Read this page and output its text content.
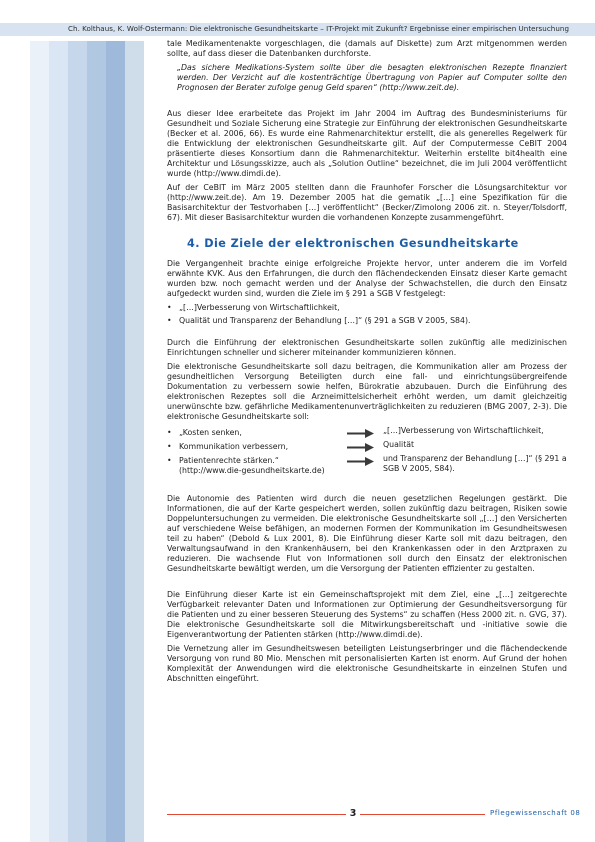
Ch. Kolthaus, K. Wolf-Ostermann: Die elektronische Gesundheitskarte – IT-Projekt mit Zukunft? Ergebnisse einer empirischen Untersuchung

tale Medikamentenakte vorgeschlagen, die (damals auf Diskette) zum Arzt mitgenommen werden sollte, auf dass dieser die Datenbanken durchforste.

„Das sichere Medikations-System sollte über die besagten elektronischen Rezepte finanziert werden. Der Verzicht auf die kostenträchtige Übertragung von Papier auf Computer sollte den Prognosen der Berater zufolge genug Geld sparen“ (http://www.zeit.de).

Aus dieser Idee erarbeitete das Projekt im Jahr 2004 im Auftrag des Bundesministeriums für Gesundheit und Soziale Sicherung eine Strategie zur Einführung der elektronischen Gesundheitskarte (Becker et al. 2006, 66). Es wurde eine Rahmenarchitektur erstellt, die als generelles Regelwerk für die Entwicklung der elektronischen Gesundheitskarte gilt. Auf der Computermesse CeBIT 2004 präsentierte dieses Konsortium dann die Rahmenarchitektur. Weiterhin erstellte bit4health eine Architektur und Lösungsskizze, auch als „Solution Outline“ bezeichnet, die im Juli 2004 veröffentlicht wurde (http://www.dimdi.de).

Auf der CeBIT im März 2005 stellten dann die Fraunhofer Forscher die Lösungsarchitektur vor (http://www.zeit.de). Am 19. Dezember 2005 hat die gematik „[…] eine Spezifikation für die Basisarchitektur der Testvorhaben […] veröffentlicht“ (Becker/Zimolong 2006 zit. n. Steyer/Tolsdorff, 67). Mit dieser Basisarchitektur wurden die vorhandenen Konzepte zusammengeführt.

4. Die Ziele der elektronischen Gesundheitskarte

Die Vergangenheit brachte einige erfolgreiche Projekte hervor, unter anderem die im Vorfeld erwähnte KVK. Aus den Erfahrungen, die durch den flächendeckenden Einsatz dieser Karte gemacht wurden bzw. noch gemacht werden und der Analyse der Schwachstellen, die durch den Einsatz aufgedeckt wurden sind, wurden die Ziele im § 291 a SGB V festgelegt:

• „[…]Verbesserung von Wirtschaftlichkeit,
• Qualität und Transparenz der Behandlung […]“ (§ 291 a SGB V 2005, S84).

Durch die Einführung der elektronischen Gesundheitskarte sollen zukünftig alle medizinischen Einrichtungen schneller und sicherer miteinander kommunizieren können.

Die elektronische Gesundheitskarte soll dazu beitragen, die Kommunikation aller am Prozess der gesundheitlichen Versorgung Beteiligten durch eine fall- und einrichtungsübergreifende Dokumentation zu verbessern sowie helfen, Bürokratie abzubauen. Durch die Einführung des elektronischen Rezeptes soll die Arzneimittelsicherheit erhöht werden, um damit gleichzeitig unerwünschte bzw. gefährliche Medikamentenunverträglichkeiten zu reduzieren (BMG 2007, 2-3). Die elektronische Gesundheitskarte soll:

• „Kosten senken,
• Kommunikation verbessern,
• Patientenrechte stärken.“
(http://www.die-gesundheitskarte.de)
„[…]Verbesserung von Wirtschaftlichkeit,
Qualität
und Transparenz der Behandlung […]“ (§ 291 a SGB V 2005, S84).

Die Autonomie des Patienten wird durch die neuen gesetzlichen Regelungen gestärkt. Die Informationen, die auf der Karte gespeichert werden, sollen zukünftig dazu beitragen, Risiken sowie Doppeluntersuchungen zu vermeiden. Die elektronische Gesundheitskarte soll „[…] den Versicherten auf verschiedene Weise befähigen, an modernen Formen der Kommunikation im Gesundheitswesen teil zu haben“ (Debold & Lux 2001, 8). Die Einführung dieser Karte soll mit dazu beitragen, den Verwaltungsaufwand in den Krankenhäusern, bei den Krankenkassen oder in den Arztpraxen zu reduzieren. Die wachsende Flut von Informationen soll durch den Einsatz der elektronischen Gesundheitskarte bewältigt werden, um die Versorgung der Patienten effizienter zu gestalten.

Die Einführung dieser Karte ist ein Gemeinschaftsprojekt mit dem Ziel, eine „[…] zeitgerechte Verfügbarkeit relevanter Daten und Informationen zur Optimierung der Gesundheitsversorgung für die Patienten und zu einer besseren Steuerung des Systems“ zu schaffen (Hess 2000 zit. n. GVG, 37). Die elektronische Gesundheitskarte soll die Mitwirkungsbereitschaft und -initiative sowie die Eigenverantwortung der Patienten stärken (http://www.dimdi.de).

Die Vernetzung aller im Gesundheitswesen beteiligten Leistungserbringer und die flächendeckende Versorgung von rund 80 Mio. Menschen mit personalisierten Karten ist enorm. Auf Grund der hohen Komplexität der Anwendungen wird die elektronische Gesundheitskarte in einzelnen Stufen und Abschnitten eingeführt.

3	Pflegewissenschaft 08
